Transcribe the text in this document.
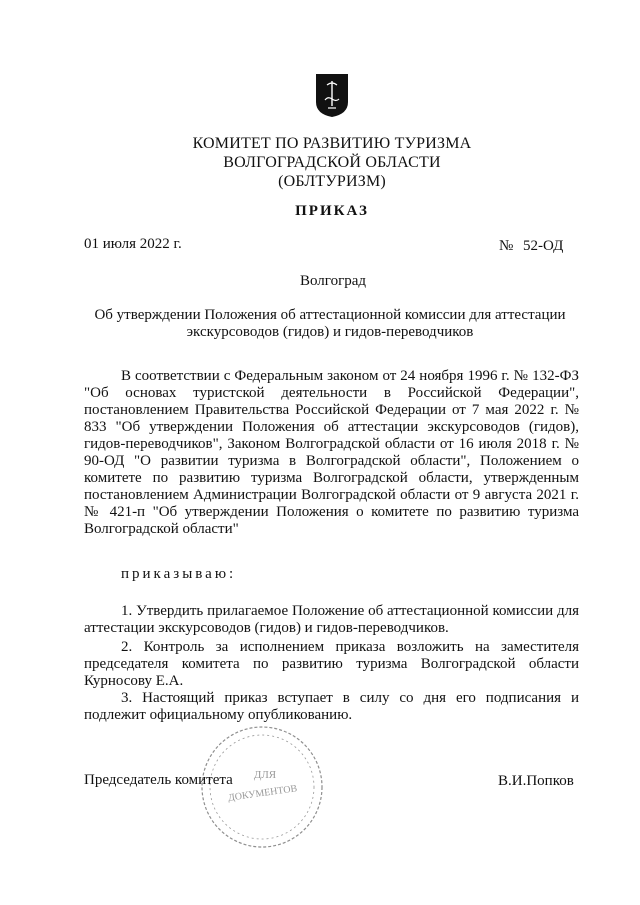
КОМИТЕТ ПО РАЗВИТИЮ ТУРИЗМА
ВОЛГОГРАДСКОЙ ОБЛАСТИ
(ОБЛТУРИЗМ)
ПРИКАЗ
01 июля 2022 г.	№ 52-ОД
Волгоград
Об утверждении Положения об аттестационной комиссии для аттестации
экскурсоводов (гидов) и гидов-переводчиков
В соответствии с Федеральным законом от 24 ноября 1996 г. № 132-ФЗ "Об основах туристской деятельности в Российской Федерации", постановлением Правительства Российской Федерации от 7 мая 2022 г. № 833 "Об утверждении Положения об аттестации экскурсоводов (гидов), гидов-переводчиков", Законом Волгоградской области от 16 июля 2018 г. № 90-ОД "О развитии туризма в Волгоградской области", Положением о комитете по развитию туризма Волгоградской области, утвержденным постановлением Администрации Волгоградской области от 9 августа 2021 г. № 421-п "Об утверждении Положения о комитете по развитию туризма Волгоградской области"
приказываю:
1. Утвердить прилагаемое Положение об аттестационной комиссии для аттестации экскурсоводов (гидов) и гидов-переводчиков.
2. Контроль за исполнением приказа возложить на заместителя председателя комитета по развитию туризма Волгоградской области Курносову Е.А.
3. Настоящий приказ вступает в силу со дня его подписания и подлежит официальному опубликованию.
ДЛЯ
ДОКУМЕНТОВ
Председатель комитета	В.И.Попков
